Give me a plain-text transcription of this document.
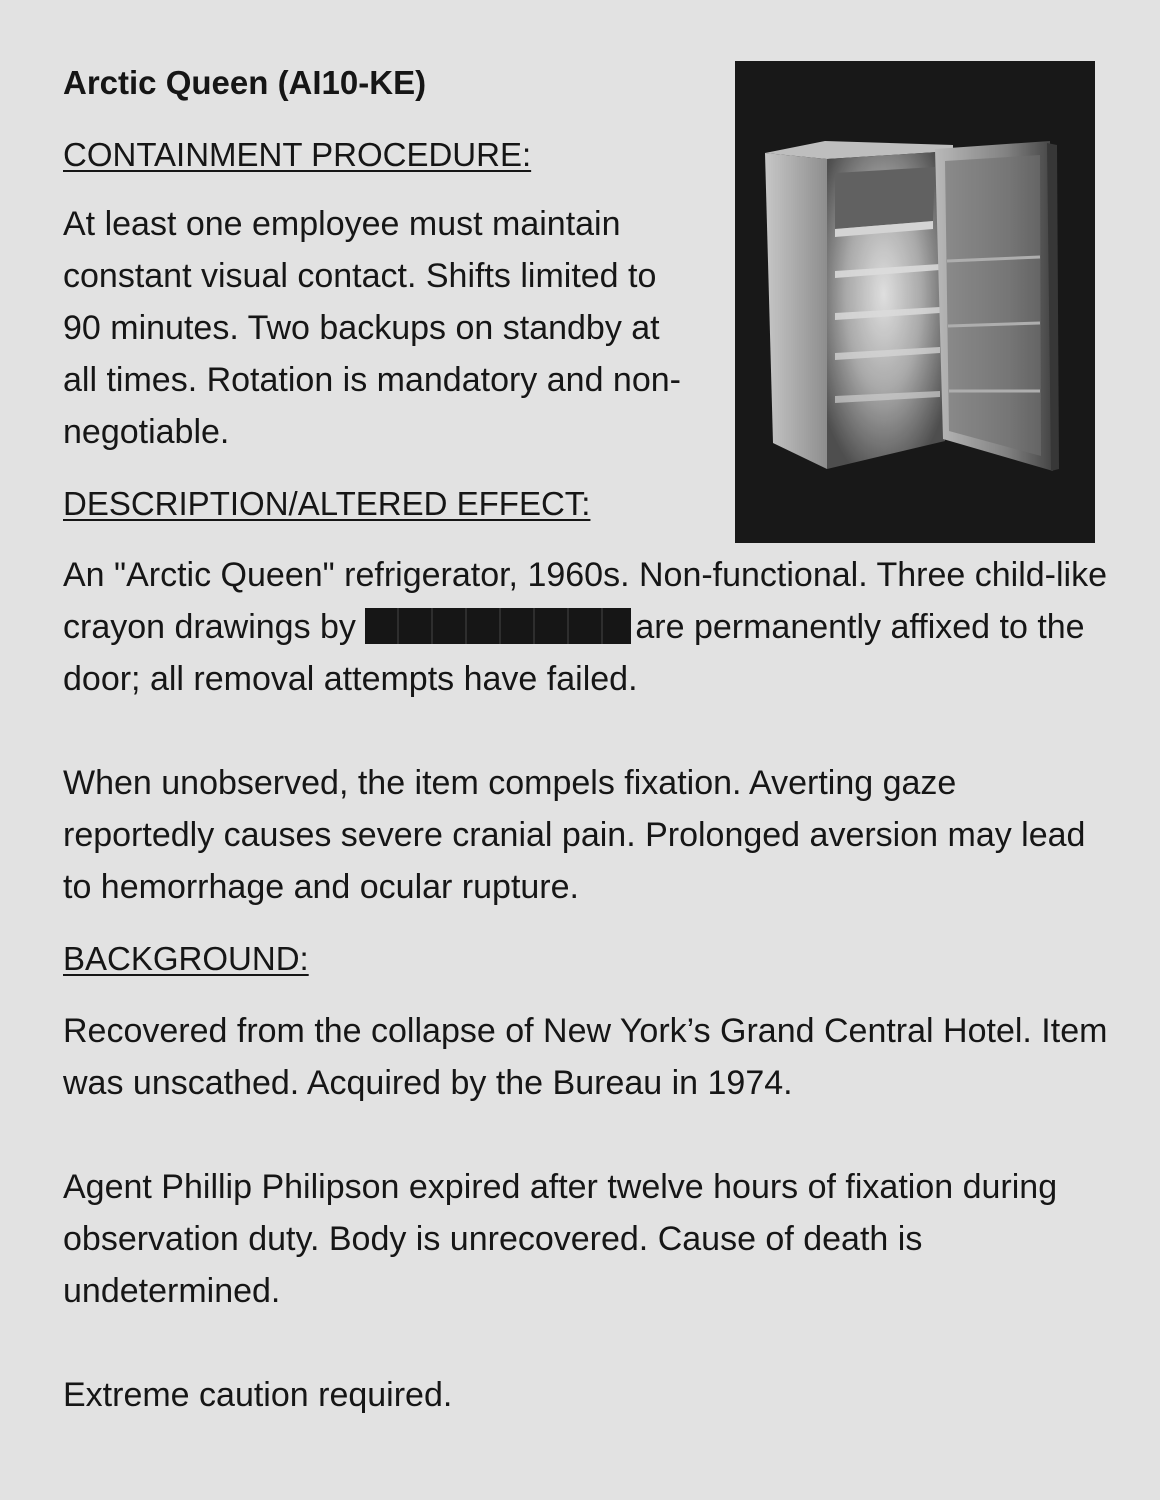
Arctic Queen (AI10-KE)
CONTAINMENT PROCEDURE:

At least one employee must maintain constant visual contact. Shifts limited to 90 minutes. Two backups on standby at all times. Rotation is mandatory and non-negotiable.

DESCRIPTION/ALTERED EFFECT:

An "Arctic Queen" refrigerator, 1960s. Non-functional. Three child-like crayon drawings by	are permanently affixed to the door; all removal attempts have failed.

When unobserved, the item compels fixation. Averting gaze reportedly causes severe cranial pain. Prolonged aversion may lead to hemorrhage and ocular rupture.

BACKGROUND:

Recovered from the collapse of New York’s Grand Central Hotel. Item was unscathed. Acquired by the Bureau in 1974.

Agent Phillip Philipson expired after twelve hours of fixation during observation duty. Body is unrecovered. Cause of death is undetermined.

Extreme caution required.
